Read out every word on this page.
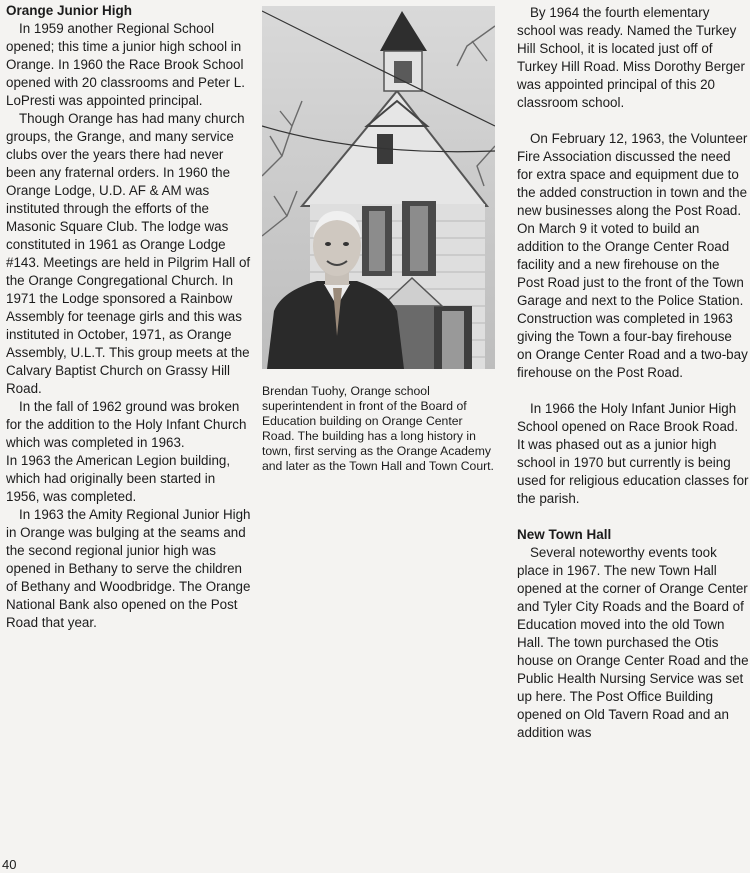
Orange Junior High

In 1959 another Regional School opened; this time a junior high school in Orange. In 1960 the Race Brook School opened with 20 classrooms and Peter L. LoPresti was appointed principal.

Though Orange has had many church groups, the Grange, and many service clubs over the years there had never been any fraternal orders. In 1960 the Orange Lodge, U.D. AF & AM was instituted through the efforts of the Masonic Square Club. The lodge was constituted in 1961 as Orange Lodge #143. Meetings are held in Pilgrim Hall of the Orange Congregational Church. In 1971 the Lodge sponsored a Rainbow Assembly for teenage girls and this was instituted in October, 1971, as Orange Assembly, U.L.T. This group meets at the Calvary Baptist Church on Grassy Hill Road.

In the fall of 1962 ground was broken for the addition to the Holy Infant Church which was completed in 1963.

In 1963 the American Legion building, which had originally been started in 1956, was completed.

In 1963 the Amity Regional Junior High in Orange was bulging at the seams and the second regional junior high was opened in Bethany to serve the children of Bethany and Woodbridge. The Orange National Bank also opened on the Post Road that year.

Brendan Tuohy, Orange school superintendent in front of the Board of Education building on Orange Center Road. The building has a long history in town, first serving as the Orange Academy and later as the Town Hall and Town Court.

By 1964 the fourth elementary school was ready. Named the Turkey Hill School, it is located just off of Turkey Hill Road. Miss Dorothy Berger was appointed principal of this 20 classroom school.

On February 12, 1963, the Volunteer Fire Association discussed the need for extra space and equipment due to the added construction in town and the new businesses along the Post Road. On March 9 it voted to build an addition to the Orange Center Road facility and a new firehouse on the Post Road just to the front of the Town Garage and next to the Police Station. Construction was completed in 1963 giving the Town a four-bay firehouse on Orange Center Road and a two-bay firehouse on the Post Road.

In 1966 the Holy Infant Junior High School opened on Race Brook Road. It was phased out as a junior high school in 1970 but currently is being used for religious education classes for the parish.

New Town Hall

Several noteworthy events took place in 1967. The new Town Hall opened at the corner of Orange Center and Tyler City Roads and the Board of Education moved into the old Town Hall. The town purchased the Otis house on Orange Center Road and the Public Health Nursing Service was set up here. The Post Office Building opened on Old Tavern Road and an addition was

40
